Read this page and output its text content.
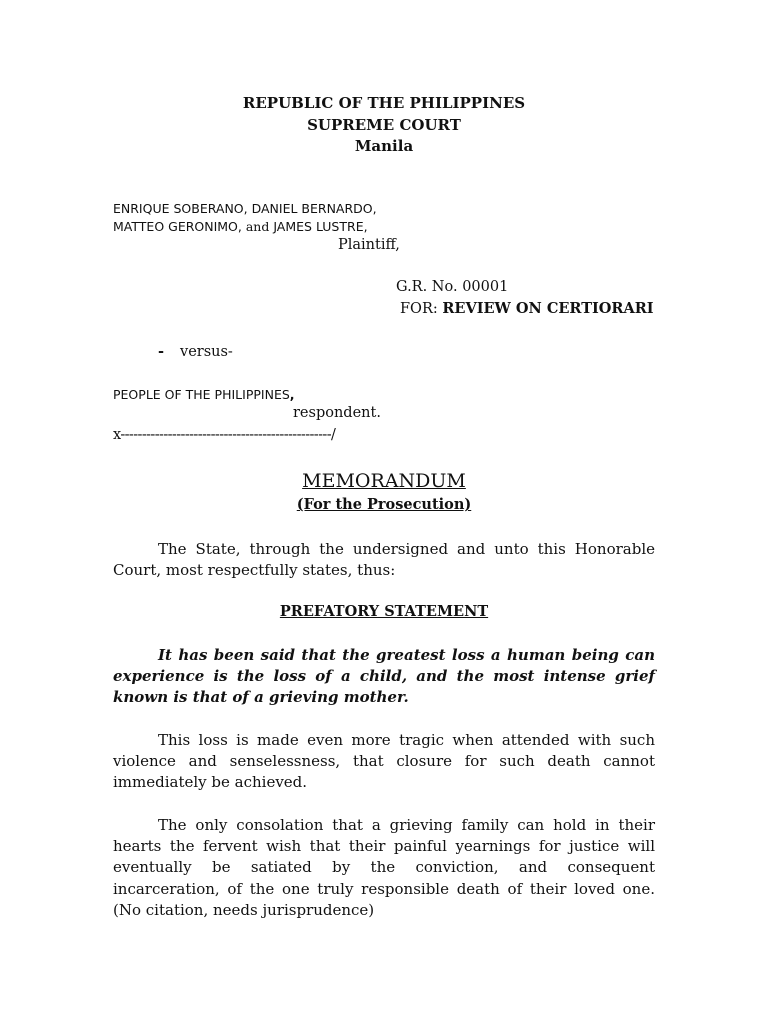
REPUBLIC OF THE PHILIPPINES
SUPREME COURT
Manila
ENRIQUE SOBERANO, DANIEL BERNARDO,
MATTEO GERONIMO, and JAMES LUSTRE,
Plaintiff,
G.R. No. 00001
FOR: REVIEW ON CERTIORARI
- versus-
PEOPLE OF THE PHILIPPINES,
respondent.
x-------------------------------------------------/
MEMORANDUM
(For the Prosecution)
The State, through the undersigned and unto this Honorable Court, most respectfully states, thus:
PREFATORY STATEMENT
It has been said that the greatest loss a human being can experience is the loss of a child, and the most intense grief known is that of a grieving mother.
This loss is made even more tragic when attended with such violence and senselessness, that closure for such death cannot immediately be achieved.
The only consolation that a grieving family can hold in their hearts the fervent wish that their painful yearnings for justice will eventually be satiated by the conviction, and consequent incarceration, of the one truly responsible death of their loved one. (No citation, needs jurisprudence)
